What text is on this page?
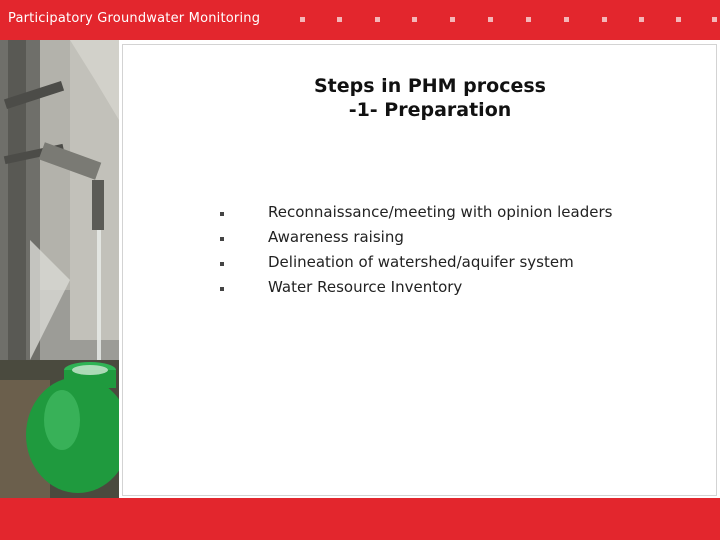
Participatory Groundwater Monitoring
Steps in PHM process
-1- Preparation
Reconnaissance/meeting with opinion leaders
Awareness raising
Delineation of watershed/aquifer system
Water Resource Inventory
